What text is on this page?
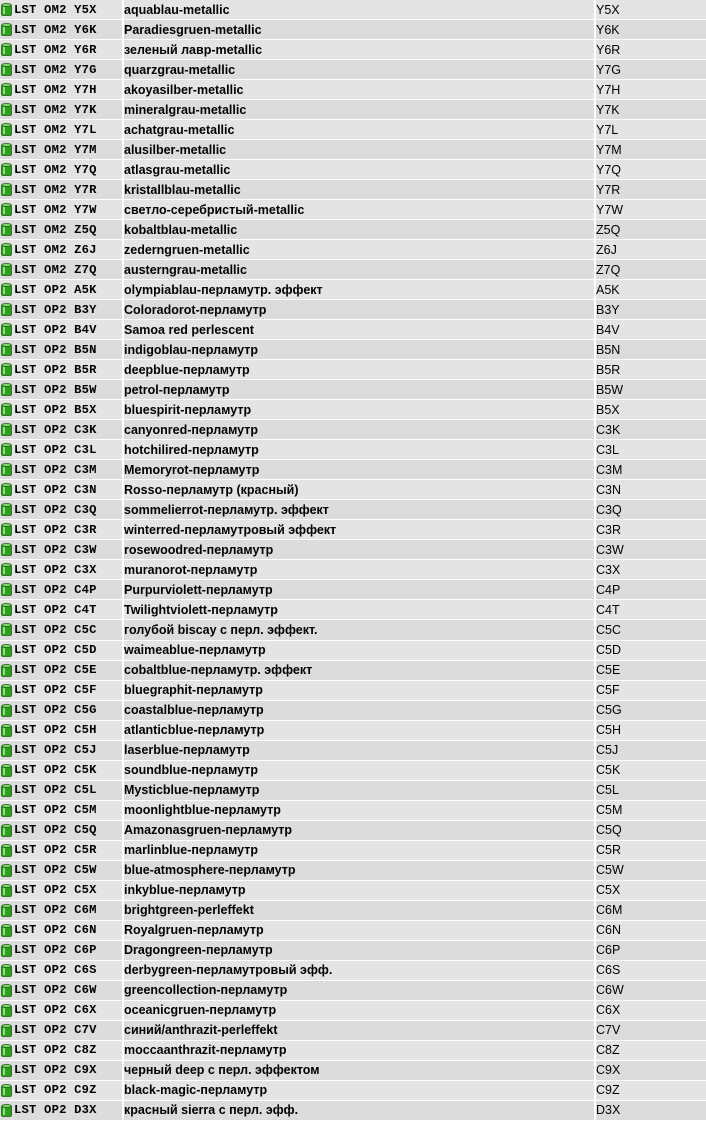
LST OM2 Y5X	aquablau-metallic	Y5X

LST OM2 Y6K	Paradiesgruen-metallic	Y6K

LST OM2 Y6R	зеленый лавр-metallic	Y6R

LST OM2 Y7G	quarzgrau-metallic	Y7G

LST OM2 Y7H	akoyasilber-metallic	Y7H

LST OM2 Y7K	mineralgrau-metallic	Y7K

LST OM2 Y7L	achatgrau-metallic	Y7L

LST OM2 Y7M	alusilber-metallic	Y7M

LST OM2 Y7Q	atlasgrau-metallic	Y7Q

LST OM2 Y7R	kristallblau-metallic	Y7R

LST OM2 Y7W	светло-серебристый-metallic	Y7W

LST OM2 Z5Q	kobaltblau-metallic	Z5Q

LST OM2 Z6J	zederngruen-metallic	Z6J

LST OM2 Z7Q	austerngrau-metallic	Z7Q

LST OP2 A5K	olympiablau-перламутр. эффект	A5K

LST OP2 B3Y	Coloradorot-перламутр	B3Y

LST OP2 B4V	Samoa red perlescent	B4V

LST OP2 B5N	indigoblau-перламутр	B5N

LST OP2 B5R	deepblue-перламутр	B5R

LST OP2 B5W	petrol-перламутр	B5W

LST OP2 B5X	bluespirit-перламутр	B5X

LST OP2 C3K	canyonred-перламутр	C3K

LST OP2 C3L	hotchilired-перламутр	C3L

LST OP2 C3M	Memoryrot-перламутр	C3M

LST OP2 C3N	Rosso-перламутр (красный)	C3N

LST OP2 C3Q	sommelierrot-перламутр. эффект	C3Q

LST OP2 C3R	winterred-перламутровый эффект	C3R

LST OP2 C3W	rosewoodred-перламутр	C3W

LST OP2 C3X	muranorot-перламутр	C3X

LST OP2 C4P	Purpurviolett-перламутр	C4P

LST OP2 C4T	Twilightviolett-перламутр	C4T

LST OP2 C5C	голубой biscay с перл. эффект.	C5C

LST OP2 C5D	waimeablue-перламутр	C5D

LST OP2 C5E	cobaltblue-перламутр. эффект	C5E

LST OP2 C5F	bluegraphit-перламутр	C5F

LST OP2 C5G	coastalblue-перламутр	C5G

LST OP2 C5H	atlanticblue-перламутр	C5H

LST OP2 C5J	laserblue-перламутр	C5J

LST OP2 C5K	soundblue-перламутр	C5K

LST OP2 C5L	Mysticblue-перламутр	C5L

LST OP2 C5M	moonlightblue-перламутр	C5M

LST OP2 C5Q	Amazonasgruen-перламутр	C5Q

LST OP2 C5R	marlinblue-перламутр	C5R

LST OP2 C5W	blue-atmosphere-перламутр	C5W

LST OP2 C5X	inkyblue-перламутр	C5X

LST OP2 C6M	brightgreen-perleffekt	C6M

LST OP2 C6N	Royalgruen-перламутр	C6N

LST OP2 C6P	Dragongreen-перламутр	C6P

LST OP2 C6S	derbygreen-перламутровый эфф.	C6S

LST OP2 C6W	greencollection-перламутр	C6W

LST OP2 C6X	oceanicgruen-перламутр	C6X

LST OP2 C7V	синий/anthrazit-perleffekt	C7V

LST OP2 C8Z	moccaanthrazit-перламутр	C8Z

LST OP2 C9X	черный deep с перл. эффектом	C9X

LST OP2 C9Z	black-magic-перламутр	C9Z

LST OP2 D3X	красный sierra с перл. эфф.	D3X
